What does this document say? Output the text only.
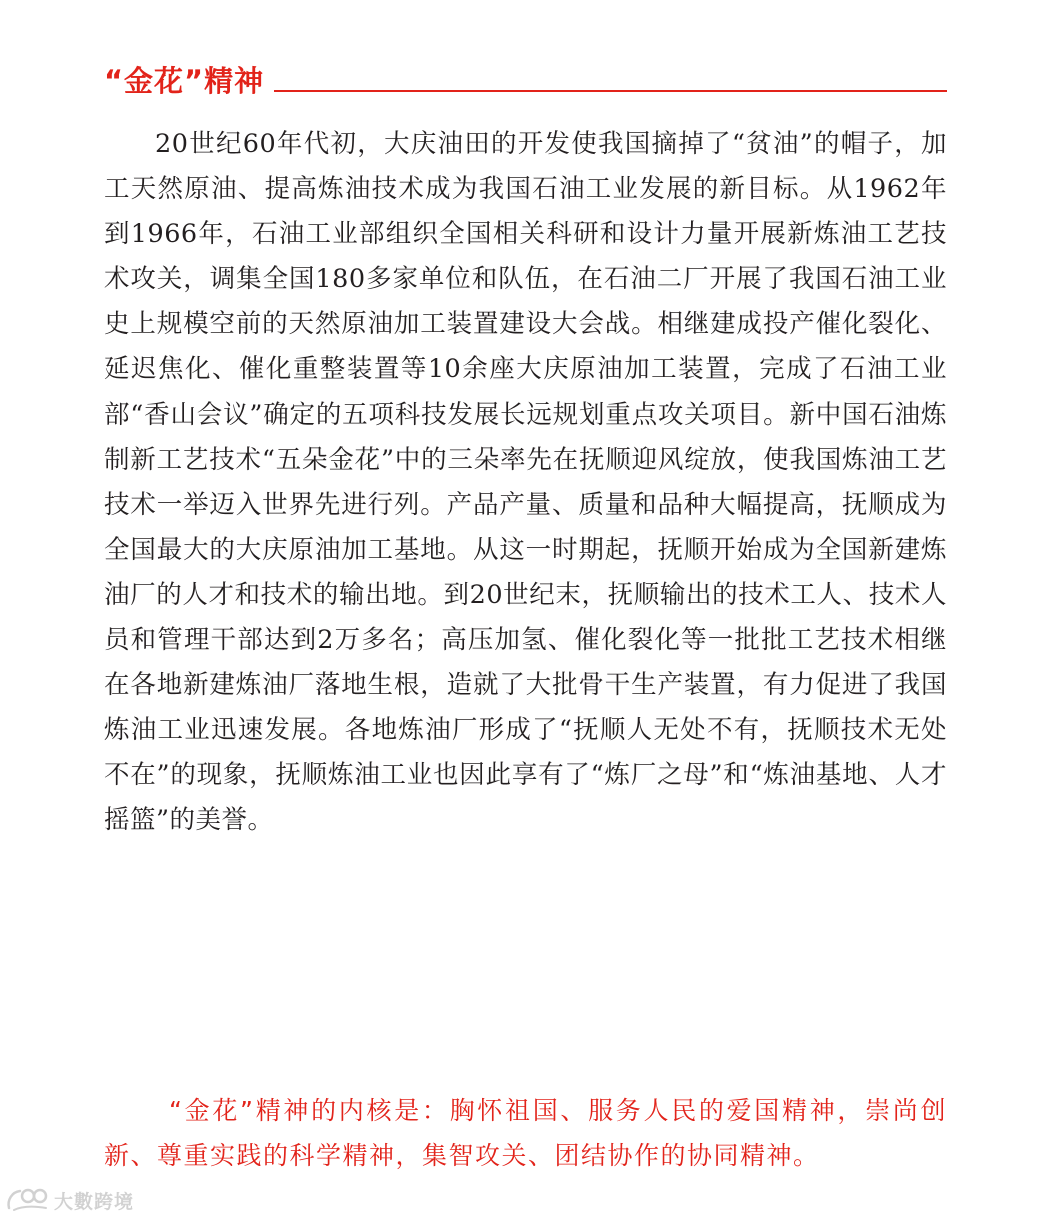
“金花”精神

20世纪60年代初，大庆油田的开发使我国摘掉了“贫油”的帽子，加工天然原油、提高炼油技术成为我国石油工业发展的新目标。从1962年到1966年，石油工业部组织全国相关科研和设计力量开展新炼油工艺技术攻关，调集全国180多家单位和队伍，在石油二厂开展了我国石油工业史上规模空前的天然原油加工装置建设大会战。相继建成投产催化裂化、延迟焦化、催化重整装置等10余座大庆原油加工装置，完成了石油工业部“香山会议”确定的五项科技发展长远规划重点攻关项目。新中国石油炼制新工艺技术“五朵金花”中的三朵率先在抚顺迎风绽放，使我国炼油工艺技术一举迈入世界先进行列。产品产量、质量和品种大幅提高，抚顺成为全国最大的大庆原油加工基地。从这一时期起，抚顺开始成为全国新建炼油厂的人才和技术的输出地。到20世纪末，抚顺输出的技术工人、技术人员和管理干部达到2万多名；高压加氢、催化裂化等一批批工艺技术相继在各地新建炼油厂落地生根，造就了大批骨干生产装置，有力促进了我国炼油工业迅速发展。各地炼油厂形成了“抚顺人无处不有，抚顺技术无处不在”的现象，抚顺炼油工业也因此享有了“炼厂之母”和“炼油基地、人才摇篮”的美誉。

“金花”精神的内核是：胸怀祖国、服务人民的爱国精神，崇尚创新、尊重实践的科学精神，集智攻关、团结协作的协同精神。

大數跨境
